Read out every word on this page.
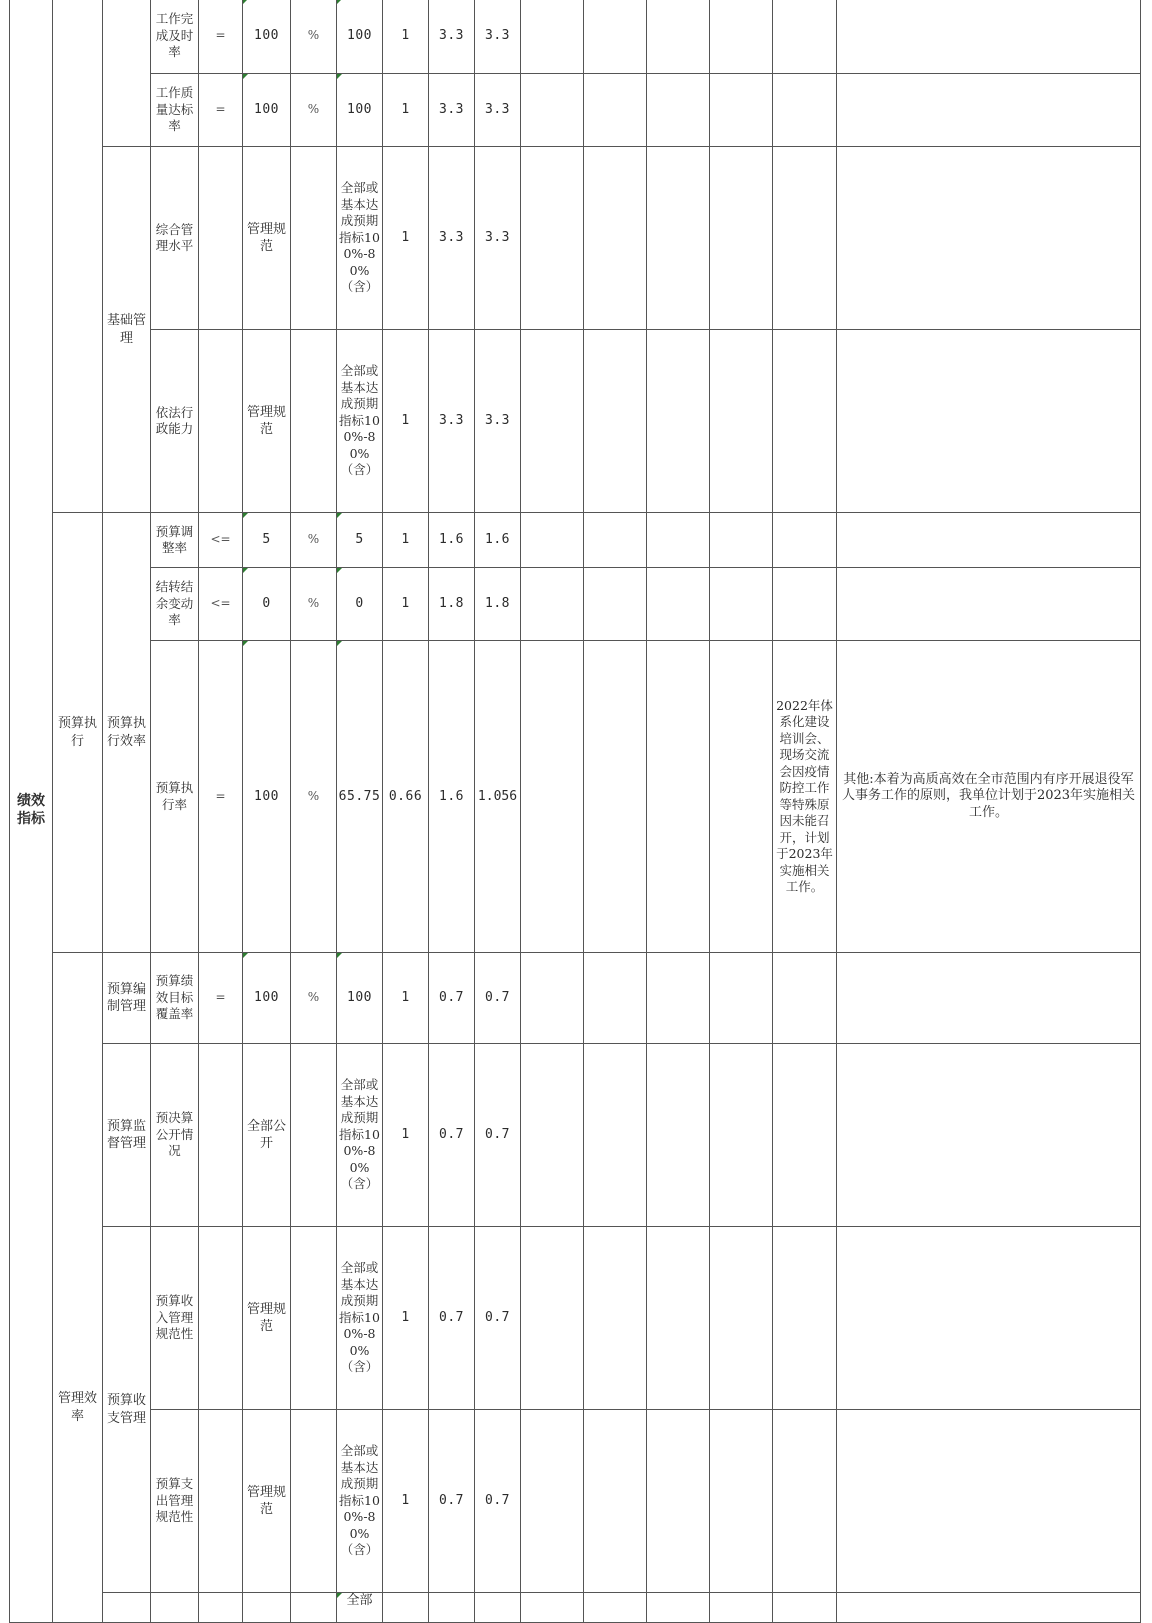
绩效指标			工作完成及时率	=	100	%	100	1	3.3	3.3						
			工作质量达标率	=	100	%	100	1	3.3	3.3						
		基础管理	综合管理水平		管理规范		全部或基本达成预期指标100%-80%（含）	1	3.3	3.3						
			依法行政能力		管理规范		全部或基本达成预期指标100%-80%（含）	1	3.3	3.3						
	预算执行	预算执行效率	预算调整率	<=	5	%	5	1	1.6	1.6						
			结转结余变动率	<=	0	%	0	1	1.8	1.8						
			预算执行率	=	100	%	65.75	0.66	1.6	1.056					2022年体系化建设培训会、现场交流会因疫情防控工作等特殊原因未能召开，计划于2023年实施相关工作。	其他:本着为高质高效在全市范围内有序开展退役军人事务工作的原则，我单位计划于2023年实施相关工作。
	管理效率	预算编制管理	预算绩效目标覆盖率	=	100	%	100	1	0.7	0.7						
		预算监督管理	预决算公开情况		全部公开		全部或基本达成预期指标100%-80%（含）	1	0.7	0.7						
		预算收支管理	预算收入管理规范性		管理规范		全部或基本达成预期指标100%-80%（含）	1	0.7	0.7						
			预算支出管理规范性		管理规范		全部或基本达成预期指标100%-80%（含）	1	0.7	0.7						
							全部									
